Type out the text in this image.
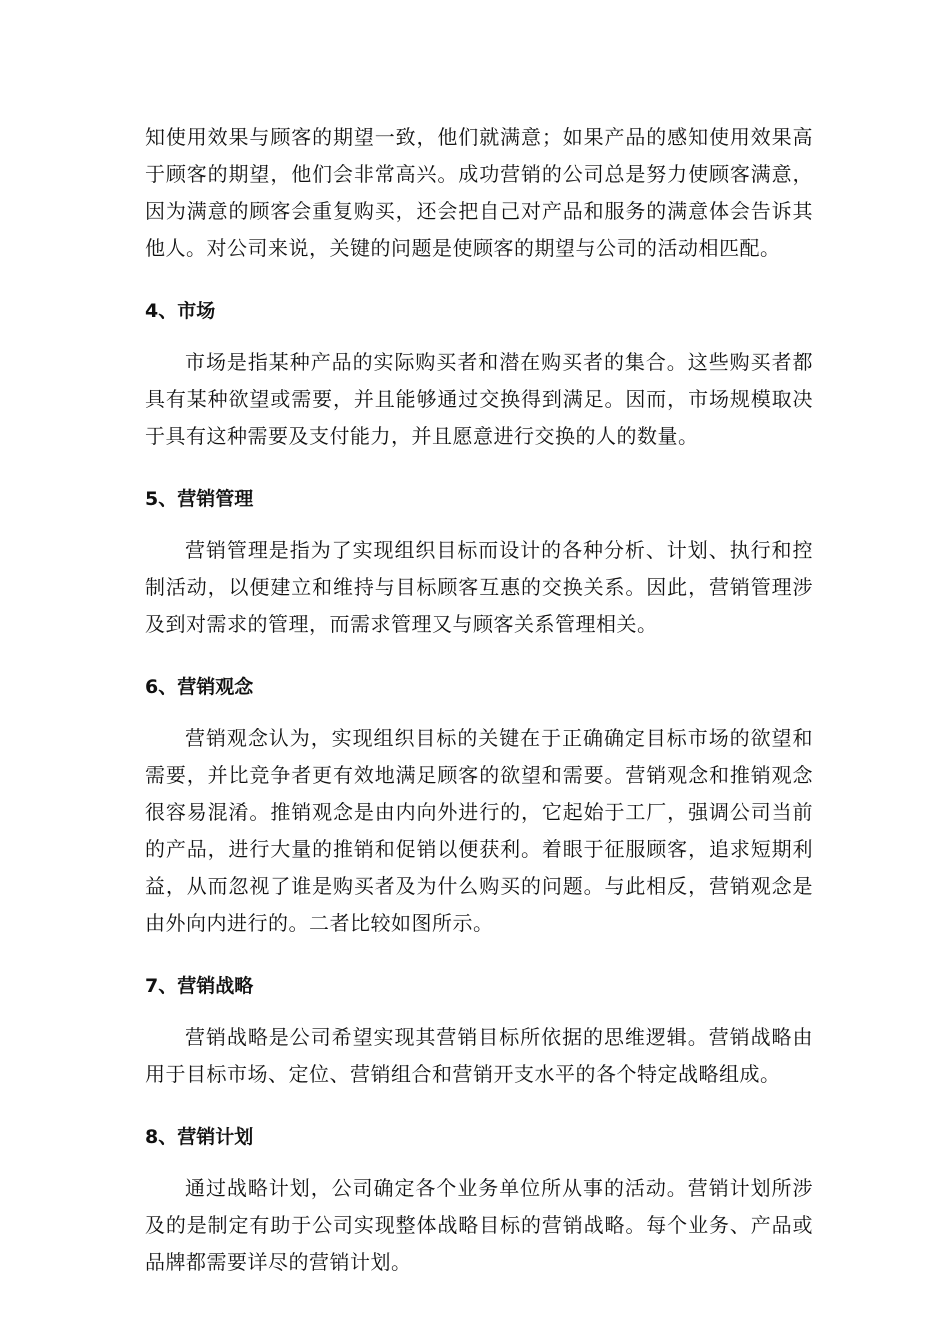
知使用效果与顾客的期望一致，他们就满意；如果产品的感知使用效果高于顾客的期望，他们会非常高兴。成功营销的公司总是努力使顾客满意，因为满意的顾客会重复购买，还会把自己对产品和服务的满意体会告诉其他人。对公司来说，关键的问题是使顾客的期望与公司的活动相匹配。

4、市场

市场是指某种产品的实际购买者和潜在购买者的集合。这些购买者都具有某种欲望或需要，并且能够通过交换得到满足。因而，市场规模取决于具有这种需要及支付能力，并且愿意进行交换的人的数量。

5、营销管理

营销管理是指为了实现组织目标而设计的各种分析、计划、执行和控制活动，以便建立和维持与目标顾客互惠的交换关系。因此，营销管理涉及到对需求的管理，而需求管理又与顾客关系管理相关。

6、营销观念

营销观念认为，实现组织目标的关键在于正确确定目标市场的欲望和需要，并比竞争者更有效地满足顾客的欲望和需要。营销观念和推销观念很容易混淆。推销观念是由内向外进行的，它起始于工厂，强调公司当前的产品，进行大量的推销和促销以便获利。着眼于征服顾客，追求短期利益，从而忽视了谁是购买者及为什么购买的问题。与此相反，营销观念是由外向内进行的。二者比较如图所示。

7、营销战略

营销战略是公司希望实现其营销目标所依据的思维逻辑。营销战略由用于目标市场、定位、营销组合和营销开支水平的各个特定战略组成。

8、营销计划

通过战略计划，公司确定各个业务单位所从事的活动。营销计划所涉及的是制定有助于公司实现整体战略目标的营销战略。每个业务、产品或品牌都需要详尽的营销计划。
